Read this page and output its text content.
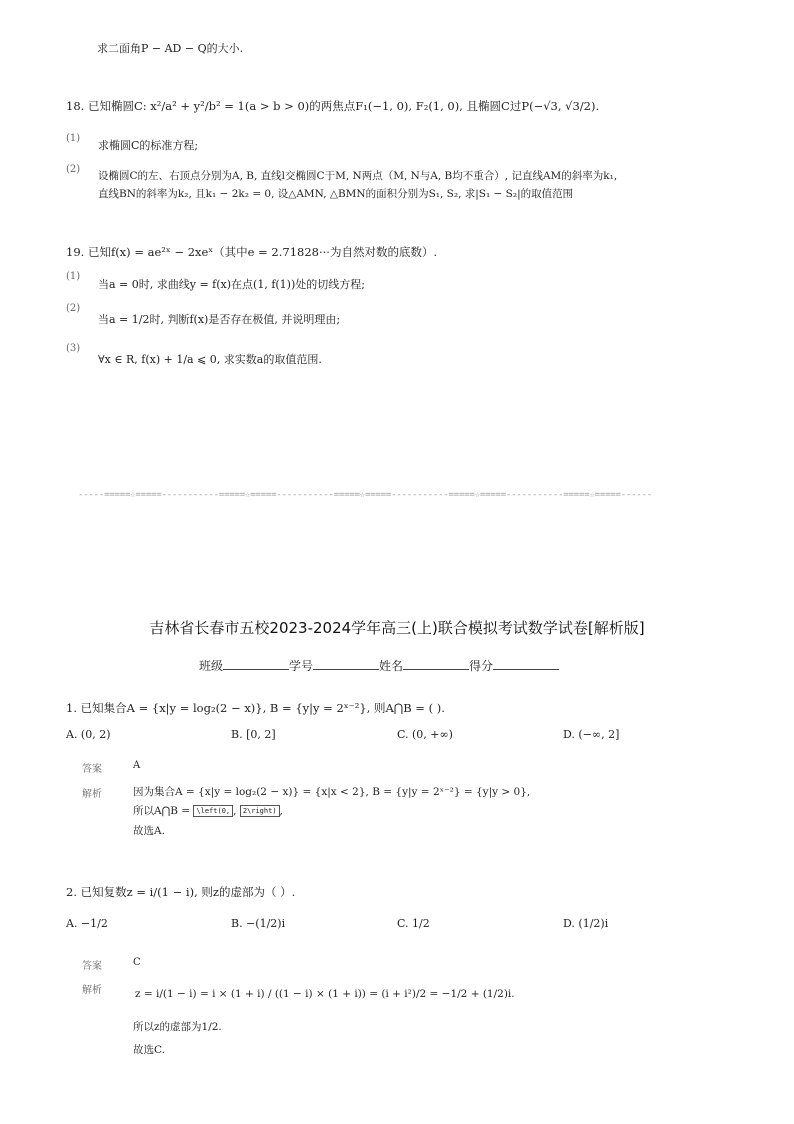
求二面角P − AD − Q的大小.
18. 已知椭圆C: x²/a² + y²/b² = 1(a > b > 0)的两焦点F₁(−1, 0), F₂(1, 0), 且椭圆C过P(−√3, √3/2).
(1)
求椭圆C的标准方程;
(2)
设椭圆C的左、右顶点分别为A, B, 直线l交椭圆C于M, N两点（M, N与A, B均不重合）, 记直线AM的斜率为k₁,
直线BN的斜率为k₂, 且k₁ − 2k₂ = 0, 设△AMN, △BMN的面积分别为S₁, S₂, 求|S₁ − S₂|的取值范围
19. 已知f(x) = ae²ˣ − 2xeˣ（其中e = 2.71828···为自然对数的底数）.
(1)
当a = 0时, 求曲线y = f(x)在点(1, f(1))处的切线方程;
(2)
当a = 1/2时, 判断f(x)是否存在极值, 并说明理由;
(3)
∀x ∈ R, f(x) + 1/a ⩽ 0, 求实数a的取值范围.
-----=====☆=====-----------=====☆=====-----------=====☆=====-----------=====☆=====-----------=====☆=====------
吉林省长春市五校2023-2024学年高三(上)联合模拟考试数学试卷[解析版]
班级	学号	姓名	得分
1. 已知集合A = {x|y = log₂(2 − x)}, B = {y|y = 2ˣ⁻²}, 则A⋂B = ( ).
A. (0, 2)	B. [0, 2]	C. (0, +∞)	D. (−∞, 2]
答案	A
解析	因为集合A = {x|y = log₂(2 − x)} = {x|x < 2}, B = {y|y = 2ˣ⁻²} = {y|y > 0},
所以A⋂B = \left(0, , 2\right) ,
故选A.
2. 已知复数z = i/(1 − i), 则z的虚部为（ ）.
A. −1/2	B. −(1/2)i	C. 1/2	D. (1/2)i
答案	C
解析	z = i/(1 − i) = i × (1 + i) / ((1 − i) × (1 + i)) = (i + i²)/2 = −1/2 + (1/2)i.
所以z的虚部为1/2.
故选C.
